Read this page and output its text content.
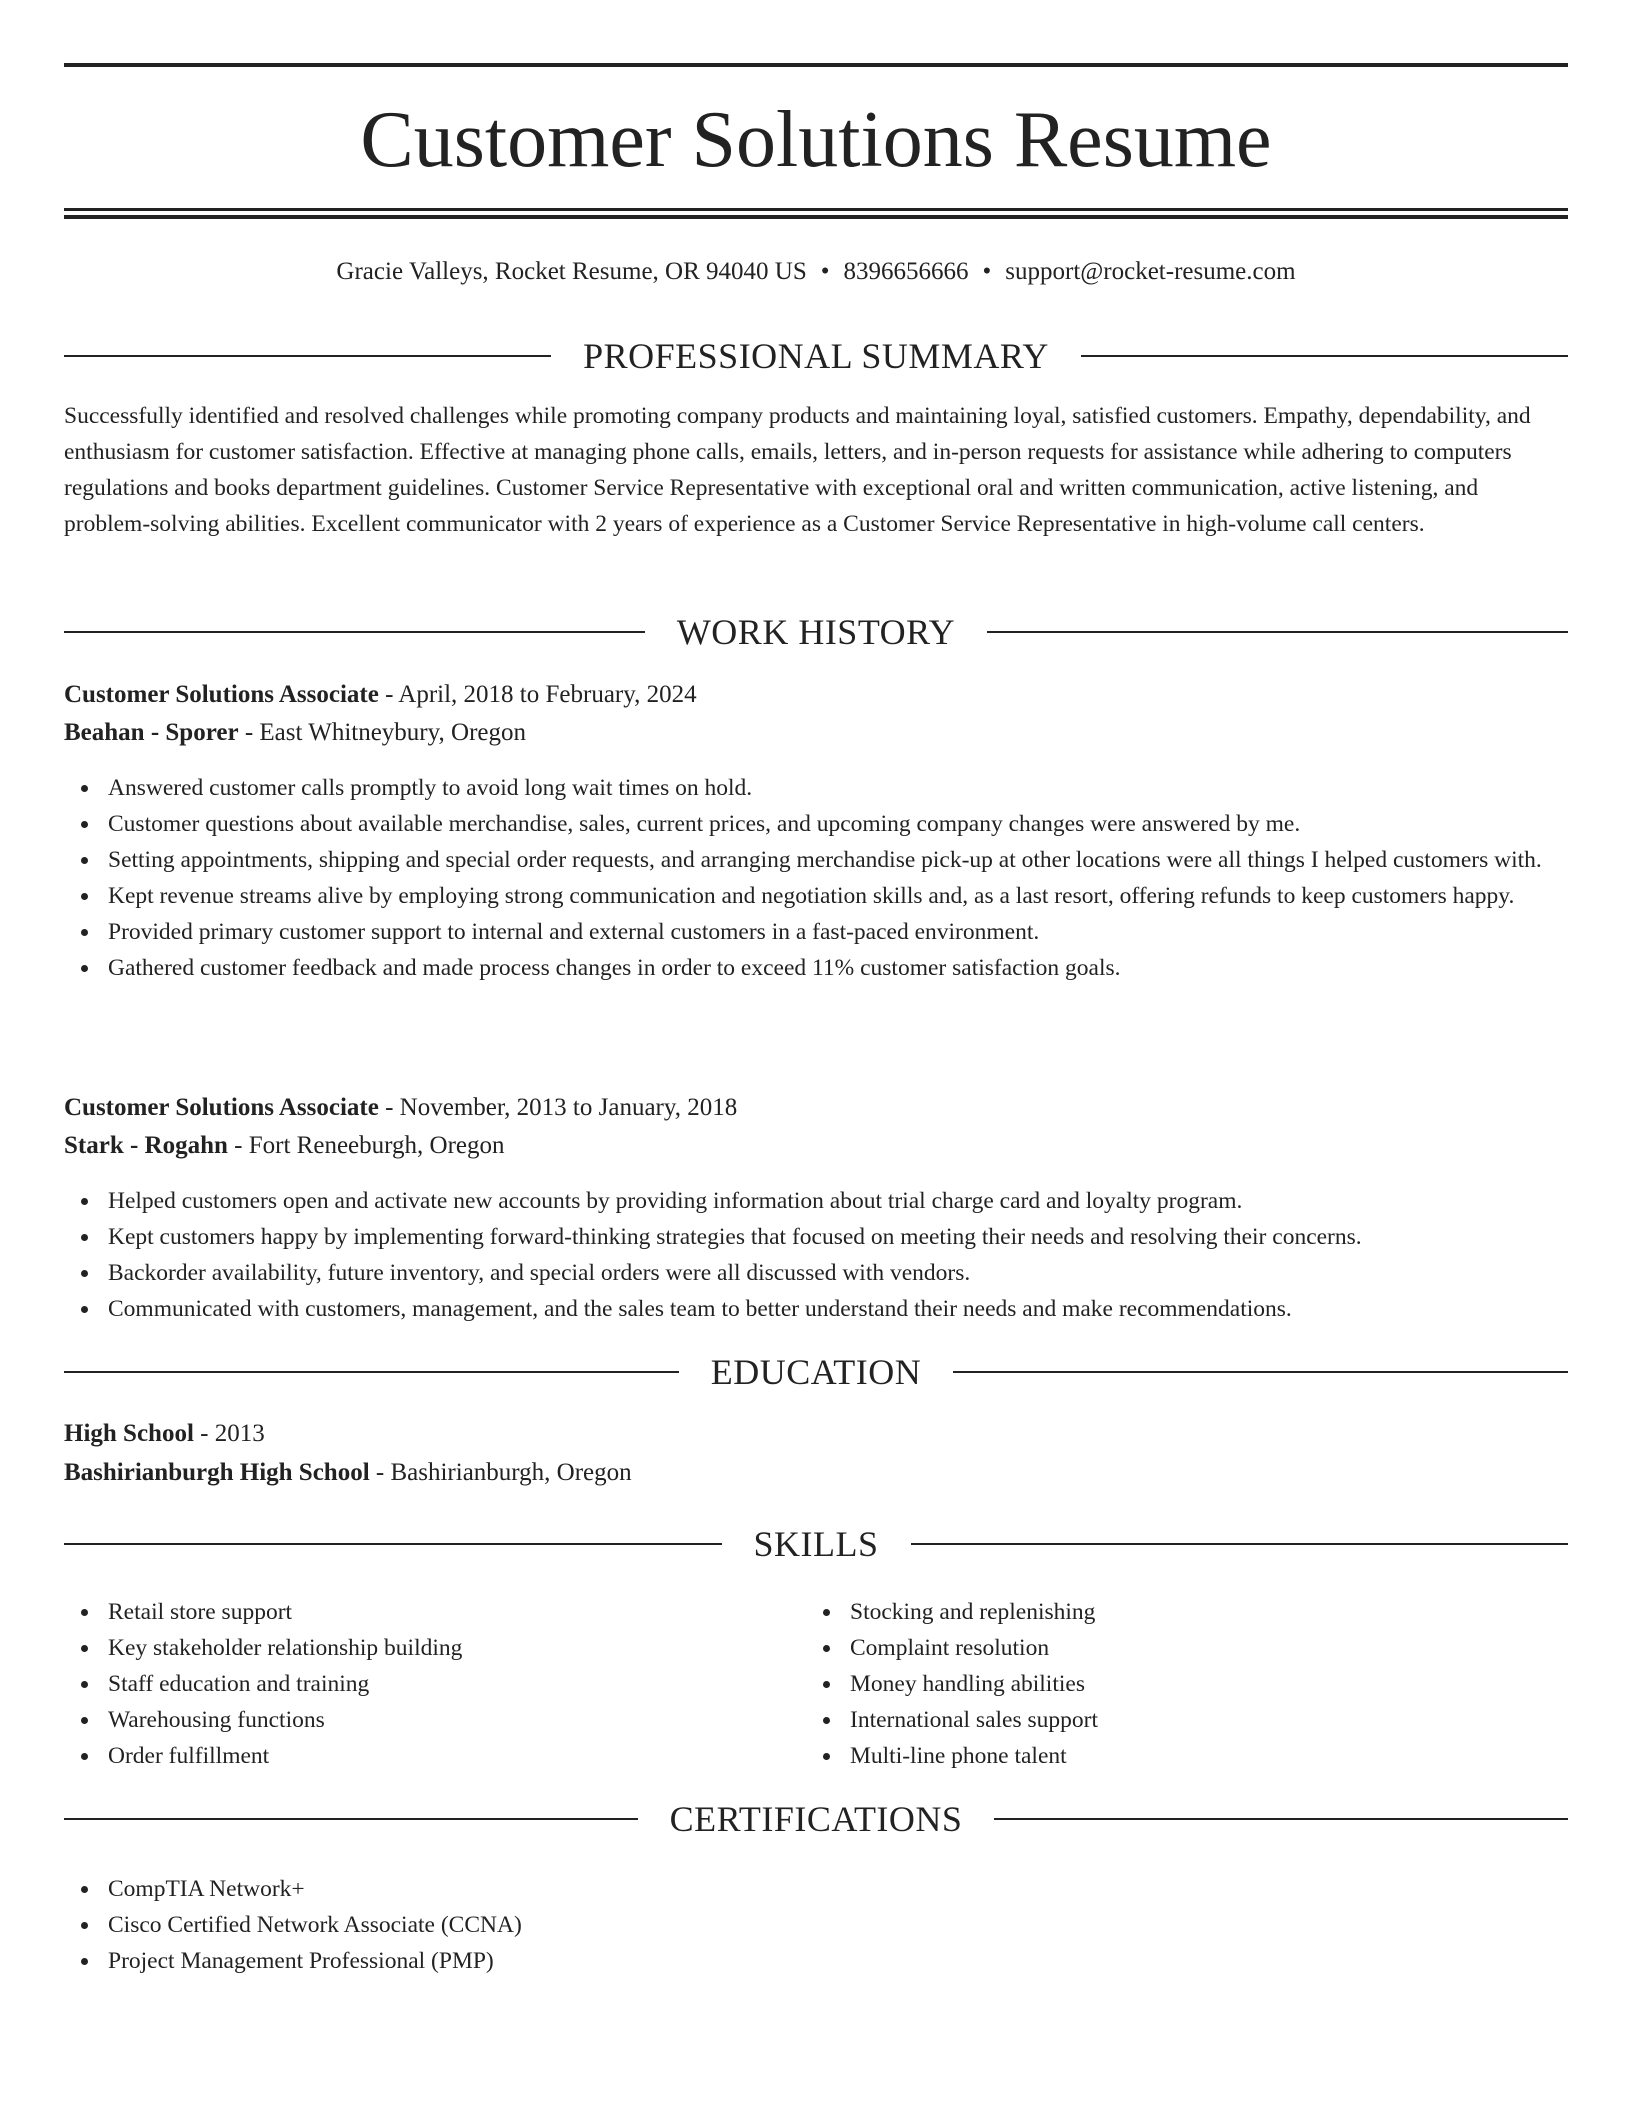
Customer Solutions Resume
Gracie Valleys, Rocket Resume, OR 94040 US • 8396656666 • support@rocket-resume.com
PROFESSIONAL SUMMARY

Successfully identified and resolved challenges while promoting company products and maintaining loyal, satisfied customers. Empathy, dependability, and enthusiasm for customer satisfaction. Effective at managing phone calls, emails, letters, and in-person requests for assistance while adhering to computers regulations and books department guidelines. Customer Service Representative with exceptional oral and written communication, active listening, and problem-solving abilities. Excellent communicator with 2 years of experience as a Customer Service Representative in high-volume call centers.

WORK HISTORY
Customer Solutions Associate - April, 2018 to February, 2024
Beahan - Sporer - East Whitneybury, Oregon
Answered customer calls promptly to avoid long wait times on hold.
Customer questions about available merchandise, sales, current prices, and upcoming company changes were answered by me.
Setting appointments, shipping and special order requests, and arranging merchandise pick-up at other locations were all things I helped customers with.
Kept revenue streams alive by employing strong communication and negotiation skills and, as a last resort, offering refunds to keep customers happy.
Provided primary customer support to internal and external customers in a fast-paced environment.
Gathered customer feedback and made process changes in order to exceed 11% customer satisfaction goals.
Customer Solutions Associate - November, 2013 to January, 2018
Stark - Rogahn - Fort Reneeburgh, Oregon
Helped customers open and activate new accounts by providing information about trial charge card and loyalty program.
Kept customers happy by implementing forward-thinking strategies that focused on meeting their needs and resolving their concerns.
Backorder availability, future inventory, and special orders were all discussed with vendors.
Communicated with customers, management, and the sales team to better understand their needs and make recommendations.
EDUCATION
High School - 2013
Bashirianburgh High School - Bashirianburgh, Oregon
SKILLS
Retail store support
Key stakeholder relationship building
Staff education and training
Warehousing functions
Order fulfillment
Stocking and replenishing
Complaint resolution
Money handling abilities
International sales support
Multi-line phone talent
CERTIFICATIONS
CompTIA Network+
Cisco Certified Network Associate (CCNA)
Project Management Professional (PMP)
